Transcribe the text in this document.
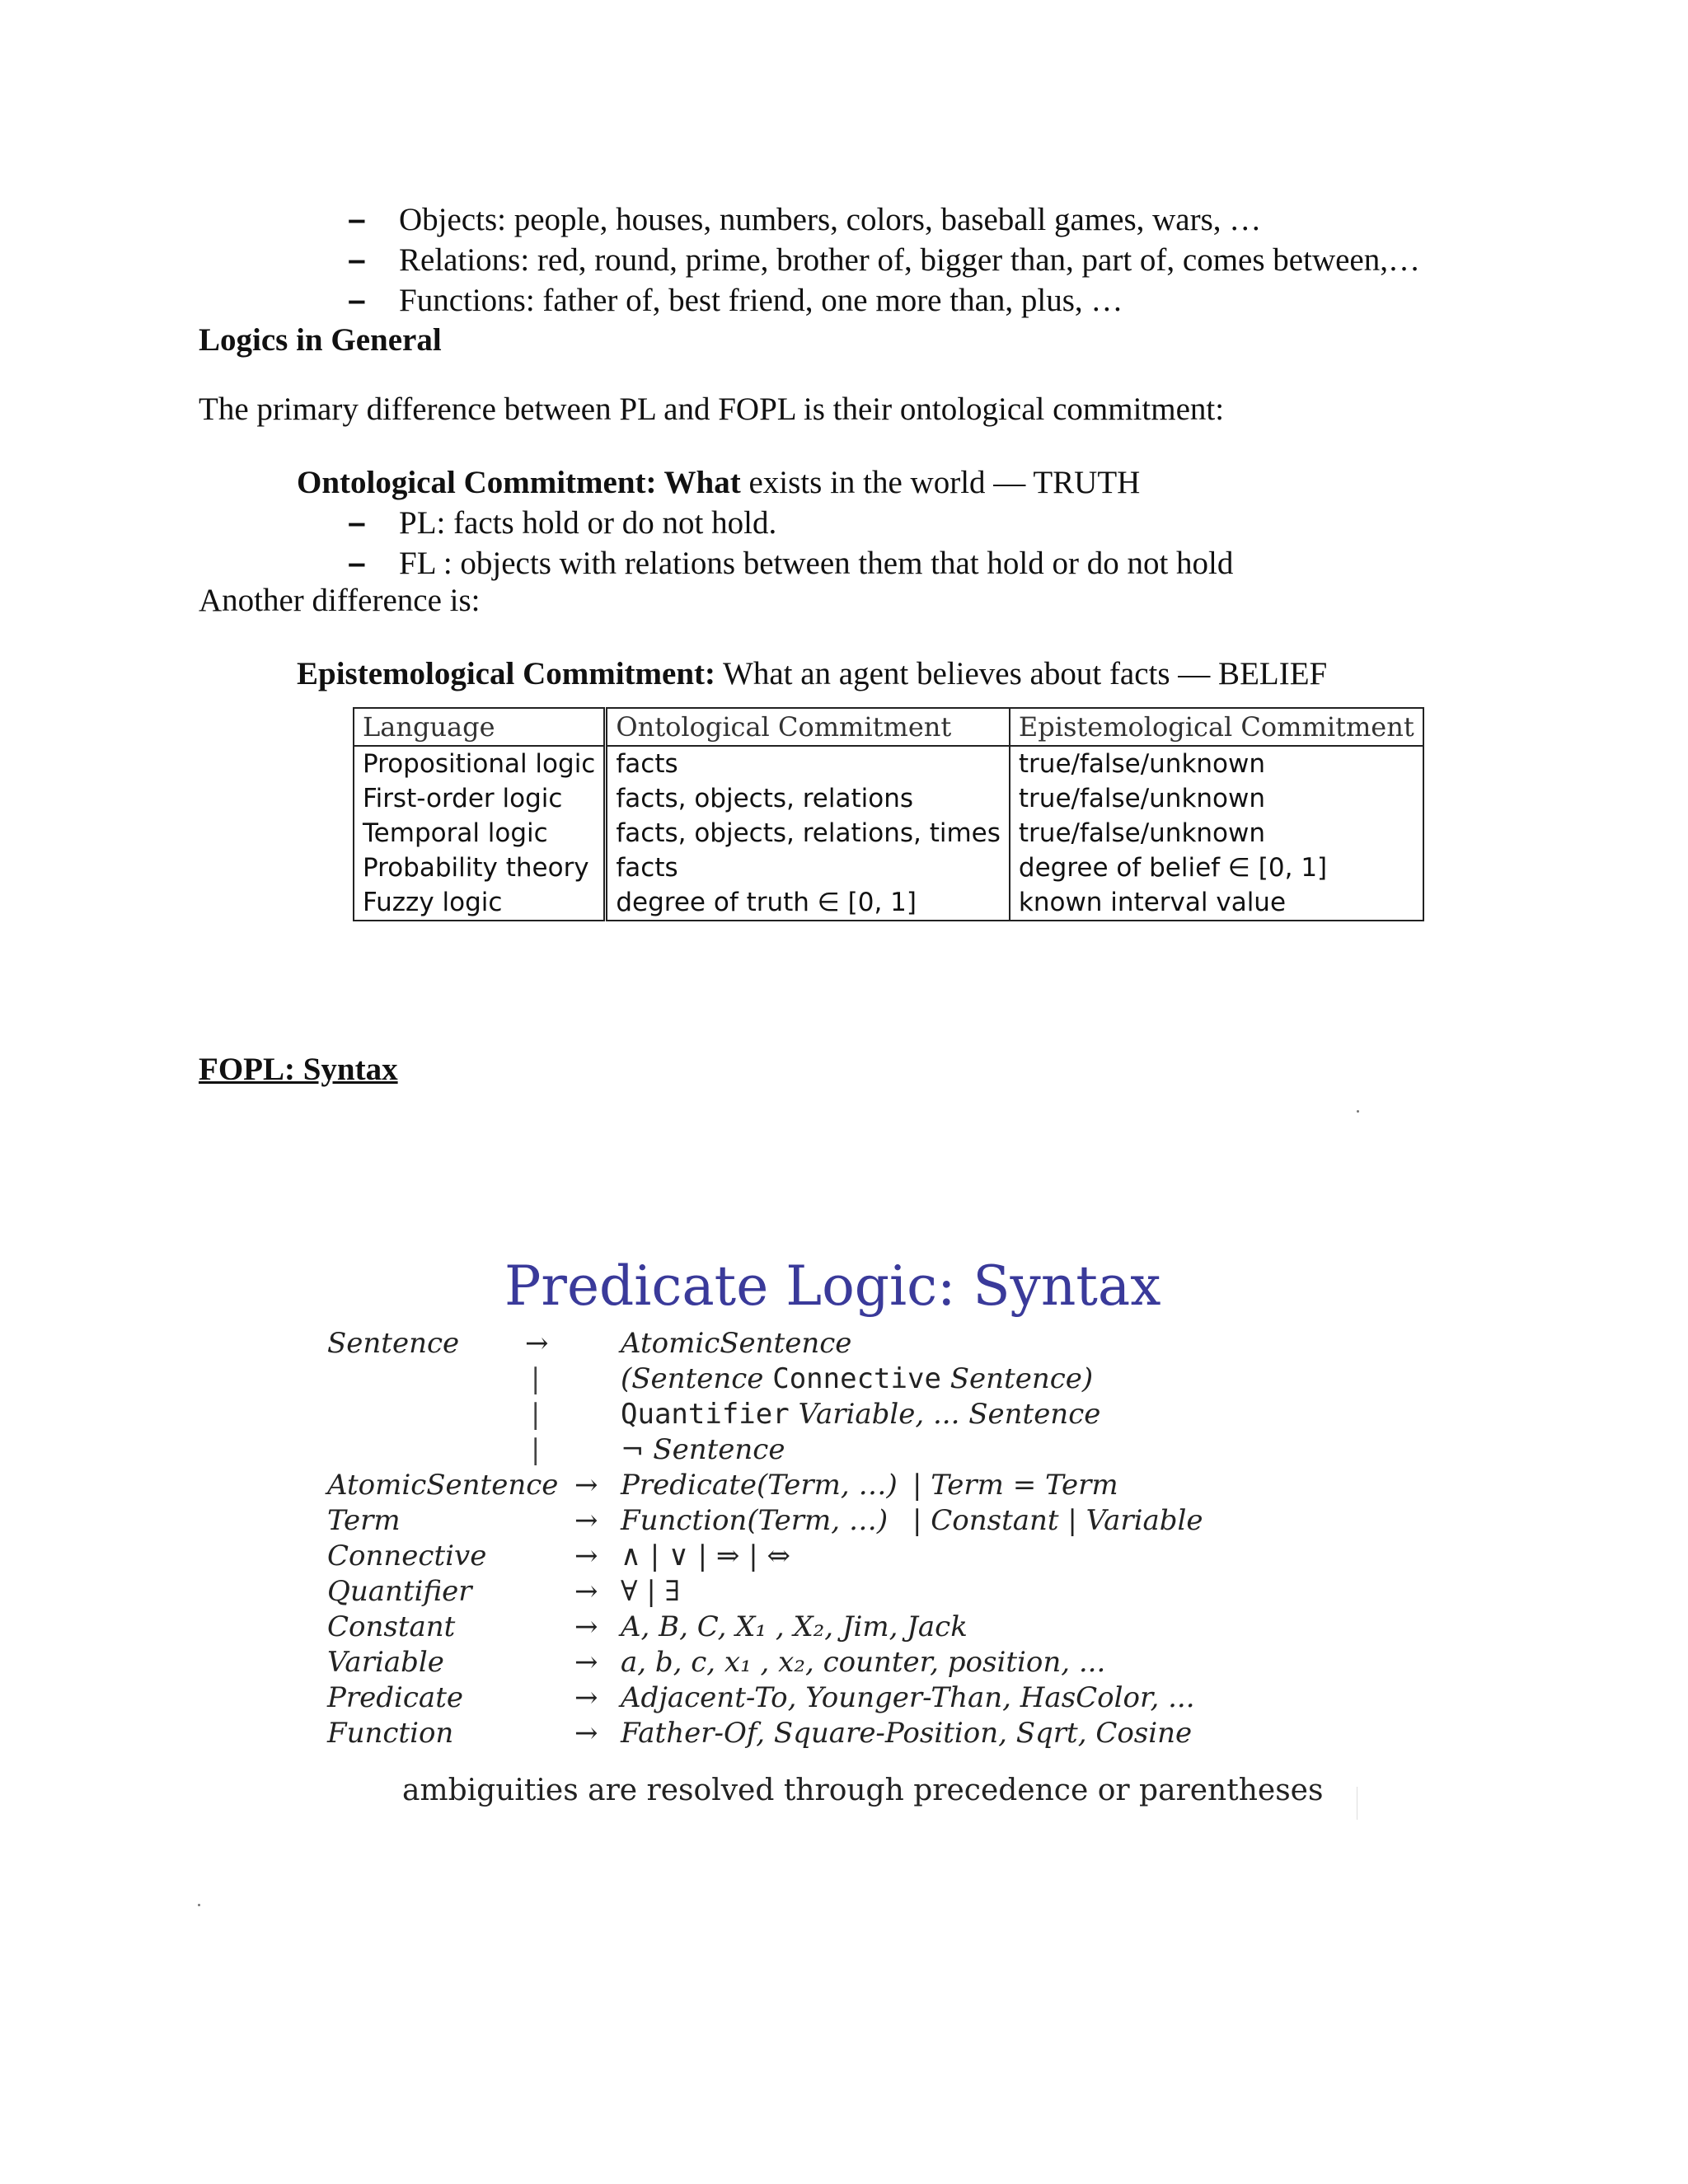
– Objects: people, houses, numbers, colors, baseball games, wars, …
– Relations: red, round, prime, brother of, bigger than, part of, comes between,…
– Functions: father of, best friend, one more than, plus, …
Logics in General
The primary difference between PL and FOPL is their ontological commitment:
Ontological Commitment: What exists in the world — TRUTH
– PL: facts hold or do not hold.
– FL : objects with relations between them that hold or do not hold
Another difference is:
Epistemological Commitment: What an agent believes about facts — BELIEF
Language	Ontological Commitment	Epistemological Commitment
Propositional logic	facts	true/false/unknown
First-order logic	facts, objects, relations	true/false/unknown
Temporal logic	facts, objects, relations, times	true/false/unknown
Probability theory	facts	degree of belief ∈ [0, 1]
Fuzzy logic	degree of truth ∈ [0, 1]	known interval value
FOPL: Syntax
Predicate Logic: Syntax
Sentence →	AtomicSentence
|	(Sentence Connective Sentence)
|	Quantifier Variable, ... Sentence
|	¬ Sentence
AtomicSentence → Predicate(Term, …) | Term = Term
Term	→ Function(Term, …) | Constant | Variable
Connective	→ ∧ | ∨ | ⇒ | ⇔
Quantifier	→ ∀ | ∃
Constant	→ A, B, C, X₁ , X₂, Jim, Jack
Variable	→ a, b, c, x₁ , x₂, counter, position, ...
Predicate	→ Adjacent-To, Younger-Than, HasColor, ...
Function	→ Father-Of, Square-Position, Sqrt, Cosine
ambiguities are resolved through precedence or parentheses
